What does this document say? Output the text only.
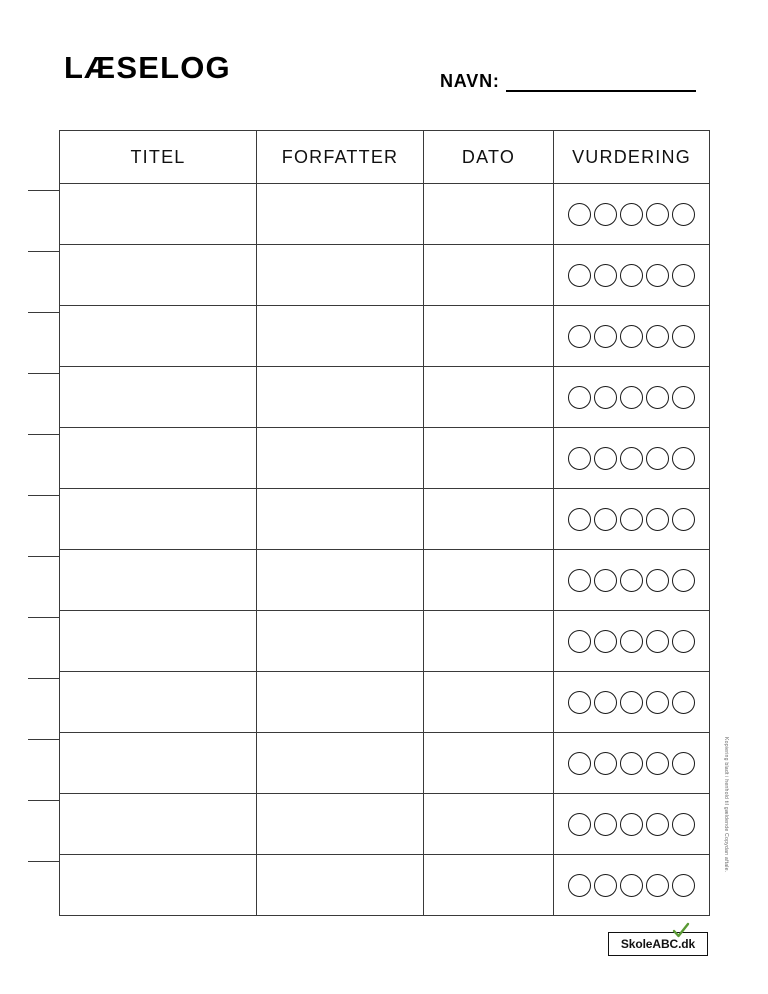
LÆSELOG	NAVN:
TITEL	FORFATTER	DATO	VURDERING

Kopiering bladt i henhold til gældende Copydan aftale.
SkoleABC.dk
